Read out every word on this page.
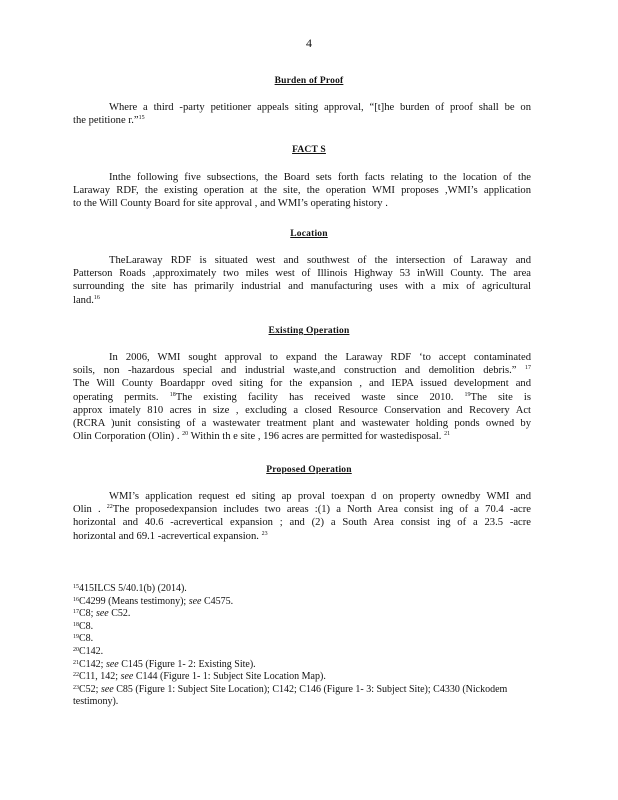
4
Burden of Proof
Where a third -party petitioner appeals siting approval, “[t]he burden of proof shall be on
the petitione r.”$^{15}$
FACT S
Inthe following five subsections, the Board sets forth facts relating to the location of the
Laraway RDF, the existing operation at the site, the operation WMI proposes ,WMI’s application
to the Will County Board for site approval , and WMI’s operating history .
Location
TheLaraway RDF is situated west and southwest of the intersection of Laraway and
Patterson Roads ,approximately two miles west of Illinois Highway 53 inWill County. The area
surrounding the site has primarily industrial and manufacturing uses with a mix of agricultural
land.$^{16}$
Existing Operation
In 2006, WMI sought approval to expand the Laraway RDF ‘to accept contaminated
soils, non -hazardous special and industrial waste,and construction and demolition debris.” $^{17}$
The Will County Boardappr oved siting for the expansion , and IEPA issued development and
operating permits. $^{18}$The existing facility has received waste since 2010. $^{19}$The site is
approx imately 810 acres in size , excluding a closed Resource Conservation and Recovery Act
(RCRA )unit consisting of a wastewater treatment plant and wastewater holding ponds owned by
Olin Corporation (Olin) . $^{20}$ Within th e site , 196 acres are permitted for wastedisposal. $^{21}$
Proposed Operation
WMI’s application request ed siting ap proval toexpan d on property ownedby WMI and
Olin . $^{22}$The proposedexpansion includes two areas :(1) a North Area consist ing of a 70.4 -acre
horizontal and 40.6 -acrevertical expansion ; and (2) a South Area consist ing of a 23.5 -acre
horizontal and 69.1 -acrevertical expansion. $^{23}$
$^{15}$415ILCS 5/40.1(b) (2014).
$^{16}$C4299 (Means testimony); see C4575.
$^{17}$C8; see C52.
$^{18}$C8.
$^{19}$C8.
$^{20}$C142.
$^{21}$C142; see C145 (Figure 1- 2: Existing Site).
$^{22}$C11, 142; see C144 (Figure 1- 1: Subject Site Location Map).
$^{23}$C52; see C85 (Figure 1: Subject Site Location); C142; C146 (Figure 1- 3: Subject Site); C4330 (Nickodem testimony).
